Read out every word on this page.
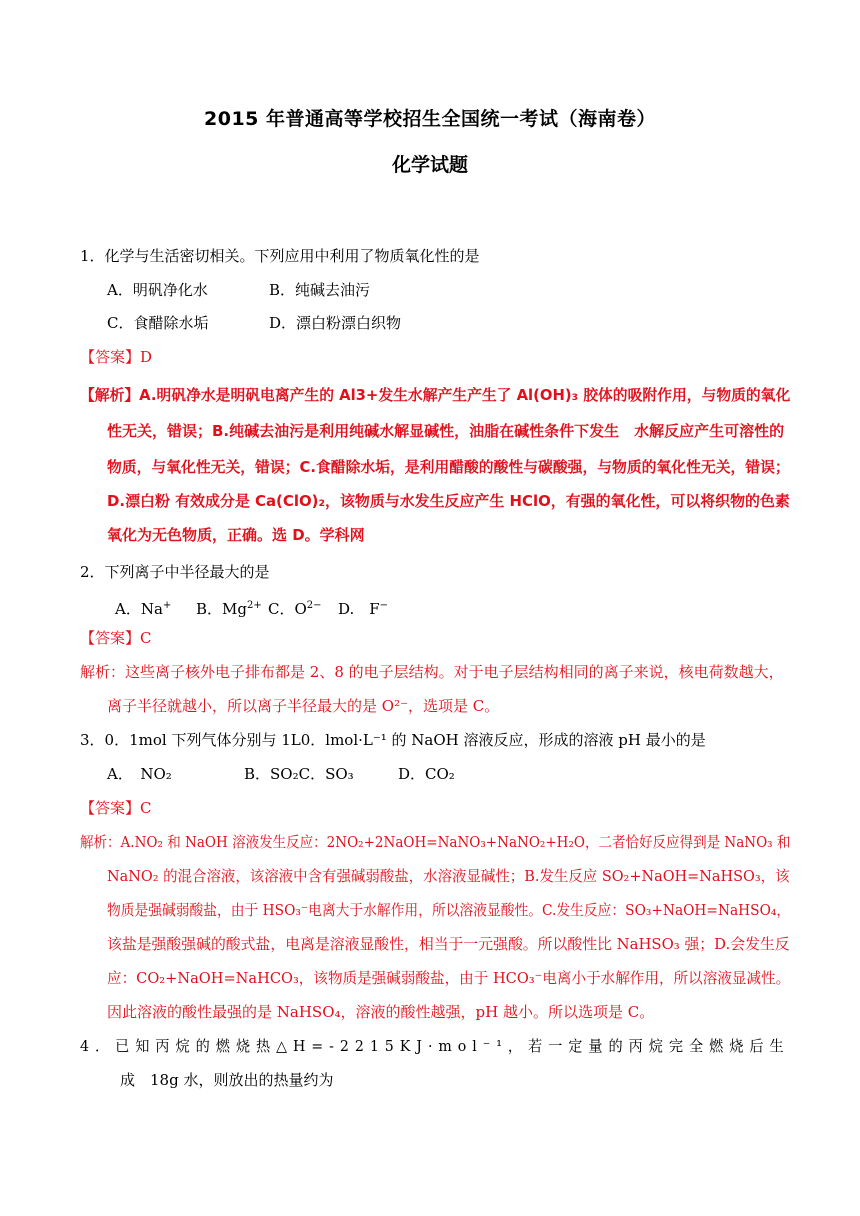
2015 年普通高等学校招生全国统一考试（海南卷）
化学试题
1．化学与生活密切相关。下列应用中利用了物质氧化性的是
A．明矾净化水	B．纯碱去油污
C．食醋除水垢	D．漂白粉漂白织物
【答案】D
【解析】A.明矾净水是明矾电离产生的 Al3+发生水解产生产生了 Al(OH)₃ 胶体的吸附作用，与物质的氧化
性无关，错误；B.纯碱去油污是利用纯碱水解显碱性，油脂在碱性条件下发生　水解反应产生可溶性的
物质，与氧化性无关，错误；C.食醋除水垢，是利用醋酸的酸性与碳酸强，与物质的氧化性无关，错误；
D.漂白粉 有效成分是 Ca(ClO)₂，该物质与水发生反应产生 HClO，有强的氧化性，可以将织物的色素
氧化为无色物质，正确。选 D。学科网
2．下列离子中半径最大的是
A．Na+ B．$Mg^{2+}$ C．$O^{2-}$ D.　F−
【答案】C
解析：这些离子核外电子排布都是 2、8 的电子层结构。对于电子层结构相同的离子来说，核电荷数越大，
离子半径就越小，所以离子半径最大的是 O²⁻，选项是 C。
3．0．1mol 下列气体分别与 1L0．lmol·L⁻¹ 的 NaOH 溶液反应，形成的溶液 pH 最小的是
A．　NO₂	B．SO₂C．SO₃	D．CO₂
【答案】C
解析：A.NO₂ 和 NaOH 溶液发生反应：2NO₂+2NaOH=NaNO₃+NaNO₂+H₂O，二者恰好反应得到是 NaNO₃ 和
NaNO₂ 的混合溶液，该溶液中含有强碱弱酸盐，水溶液显碱性；B.发生反应 SO₂+NaOH=NaHSO₃，该
物质是强碱弱酸盐，由于 HSO₃⁻电离大于水解作用，所以溶液显酸性。C.发生反应：SO₃+NaOH=NaHSO₄，
该盐是强酸强碱的酸式盐，电离是溶液显酸性，相当于一元强酸。所以酸性比 NaHSO₃ 强；D.会发生反
应：CO₂+NaOH=NaHCO₃，该物质是强碱弱酸盐，由于 HCO₃⁻电离小于水解作用，所以溶液显减性。
因此溶液的酸性最强的是 NaHSO₄，溶液的酸性越强，pH 越小。所以选项是 C。
4．已知丙烷的燃烧热△H=-2215KJ·mol⁻¹，若一定量的丙烷完全燃烧后生
成　18g 水，则放出的热量约为
